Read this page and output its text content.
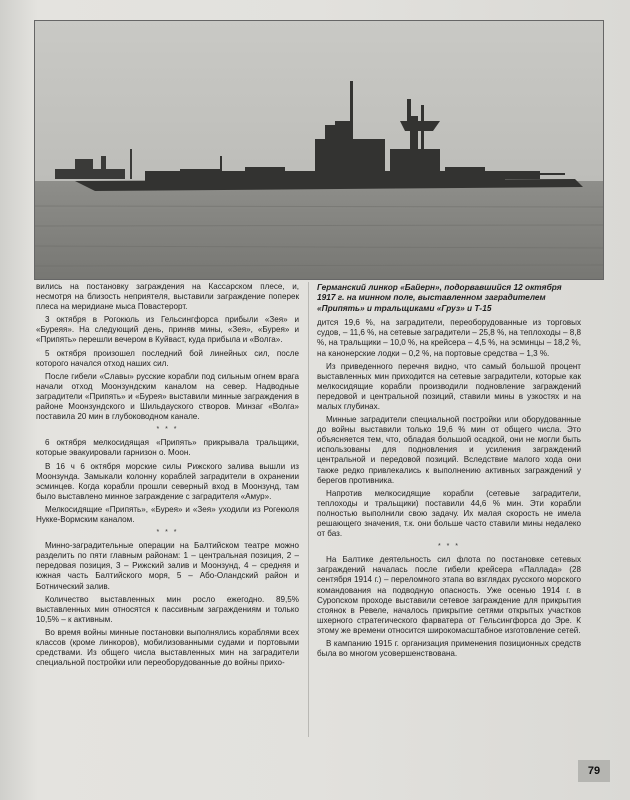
вились на постановку заграждения на Кассарском плесе, и, несмотря на близость неприятеля, выставили заграждение поперек плеса на меридиане мыса Повастерорт.

3 октября в Рогокюль из Гельсингфорса прибыли «Зея» и «Буреяя». На следующий день, приняв мины, «Зея», «Бурея» и «Припять» перешли вечером в Куйваст, куда прибыла и «Волга».

5 октября произошел последний бой линейных сил, после которого начался отход наших сил.

После гибели «Славы» русские корабли под сильным огнем врага начали отход Моонзундским каналом на север. Надводные заградители «Припять» и «Бурея» выставили минные заграждения в районе Моонзундского и Шильдауского створов. Минзаг «Волга» поставила 20 мин в глубоководном канале.

* * *

6 октября мелкосидящая «Припять» прикрывала тральщики, которые эвакуировали гарнизон о. Моон.

В 16 ч 6 октября морские силы Рижского залива вышли из Моонзунда. Замыкали колонну кораблей заградители в охранении эсминцев. Когда корабли прошли северный вход в Моонзунд, там было выставлено минное заграждение с заградителя «Амур».

Мелкосидящие «Припять», «Бурея» и «Зея» уходили из Рогекюля Нукке-Вормским каналом.

* * *

Минно-заградительные операции на Балтийском театре можно разделить по пяти главным районам: 1 – центральная позиция, 2 – передовая позиция, 3 – Рижский залив и Моонзунд, 4 – средняя и южная часть Балтийского моря, 5 – Або-Оландский район и Ботнический залив.

Количество выставленных мин росло ежегодно. 89,5% выставленных мин относятся к пассивным заграждениям и только 10,5% – к активным.

Во время войны минные постановки выполнялись кораблями всех классов (кроме линкоров), мобилизованными судами и портовыми средствами. Из общего числа выставленных мин на заградители специальной постройки или переоборудованные до войны прихо-

Германский линкор «Байерн», подорвавшийся 12 октября 1917 г. на минном поле, выставленном заградителем «Припять» и тральщиками «Груз» и Т-15

дится 19,6 %, на заградители, переоборудованные из торговых судов, – 11,6 %, на сетевые заградители – 25,8 %, на теплоходы – 8,8 %, на тральщики – 10,0 %, на крейсера – 4,5 %, на эсминцы – 18,2 %, на канонерские лодки – 0,2 %, на портовые средства – 1,3 %.

Из приведенного перечня видно, что самый большой процент выставленных мин приходится на сетевые заградители, которые как мелкосидящие корабли производили подновление заграждений передовой и центральной позиций, ставили мины в узкостях и на малых глубинах.

Минные заградители специальной постройки или оборудованные до войны выставили только 19,6 % мин от общего числа. Это объясняется тем, что, обладая большой осадкой, они не могли быть использованы для подновления и усиления заграждений центральной и передовой позиций. Вследствие малого хода они также редко привлекались к выполнению активных заграждений у берегов противника.

Напротив мелкосидящие корабли (сетевые заградители, теплоходы и тральщики) поставили 44,6 % мин. Эти корабли полностью выполнили свою задачу. Их малая скорость не имела решающего значения, т.к. они больше часто ставили мины недалеко от баз.

* * *

На Балтике деятельность сил флота по постановке сетевых заграждений началась после гибели крейсера «Паллада» (28 сентября 1914 г.) – переломного этапа во взглядах русского морского командования на подводную опасность. Уже осенью 1914 г. в Суропском проходе выставили сетевое заграждение для прикрытия стоянок в Ревеле, началось прикрытие сетями открытых участков шхерного стратегического фарватера от Гельсингфорса до Эре. К этому же времени относится широкомасштабное изготовление сетей.

В кампанию 1915 г. организация применения позиционных средств была во многом усовершенствована.

79
